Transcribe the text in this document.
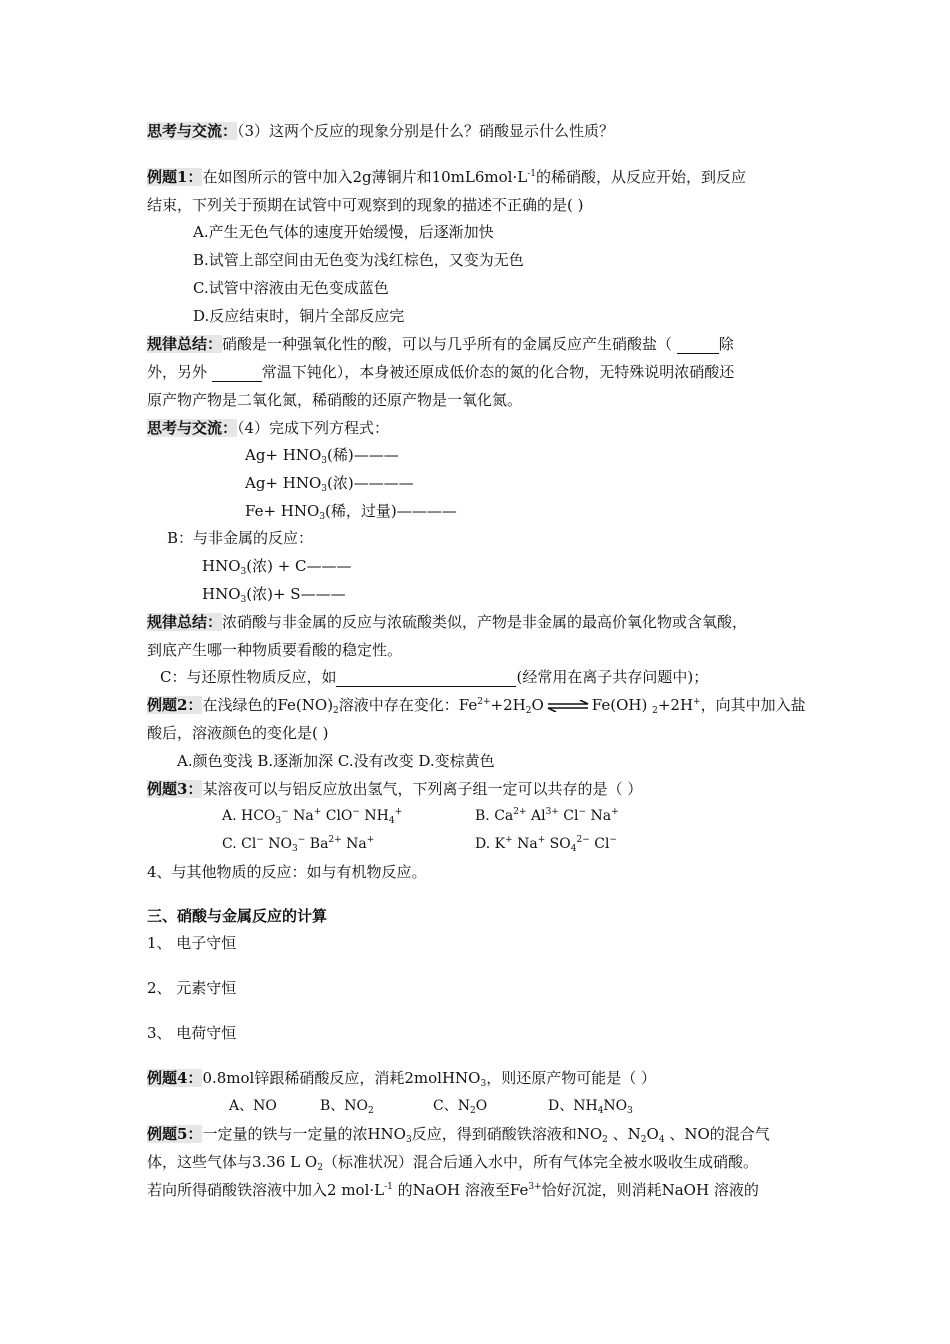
思考与交流：（3）这两个反应的现象分别是什么？硝酸显示什么性质？
例题1：在如图所示的管中加入2g薄铜片和$10mL6mol\cdot L^{-1}$的稀硝酸，从反应开始，到反应
结束，下列关于预期在试管中可观察到的现象的描述不正确的是( )
A.产生无色气体的速度开始缓慢，后逐渐加快
B.试管上部空间由无色变为浅红棕色，又变为无色
C.试管中溶液由无色变成蓝色
D.反应结束时，铜片全部反应完
规律总结：硝酸是一种强氧化性的酸，可以与几乎所有的金属反应产生硝酸盐（	除
外，另外	常温下钝化），本身被还原成低价态的氮的化合物，无特殊说明浓硝酸还
原产物产物是二氧化氮，稀硝酸的还原产物是一氧化氮。
思考与交流：（4）完成下列方程式：
$Ag+ HNO_3$(稀)———
$Ag+ HNO_3$(浓)————
$Fe+ HNO_3$(稀，过量)————
B：与非金属的反应：
$HNO_3$(浓) + C———
$HNO_3$(浓)+ S———
规律总结：浓硝酸与非金属的反应与浓硫酸类似，产物是非金属的最高价氧化物或含氧酸，
到底产生哪一种物质要看酸的稳定性。
C：与还原性物质反应，如	(经常用在离子共存问题中)；
例题2：在浅绿色的$Fe(NO)_2$溶液中存在变化：$Fe^{2+}+2H_2O$ ⇌ Fe(OH) $_2$+2H+，向其中加入盐
酸后，溶液颜色的变化是( )
A.颜色变浅 B.逐渐加深 C.没有改变 D.变棕黄色
例题3：某溶夜可以与铝反应放出氢气，下列离子组一定可以共存的是（ ）
A. $HCO_3^-$ Na+ ClO− $NH_4^+$	B. $Ca^{2+}$ $Al^{3+}$ Cl− Na+
C. Cl− $NO_3^-$ $Ba^{2+}$ Na+	D. K+ Na+ $SO_4^{2-}$ Cl−
4、与其他物质的反应：如与有机物反应。
三、硝酸与金属反应的计算
1、 电子守恒
2、 元素守恒
3、 电荷守恒
例题4：0.8mol锌跟稀硝酸反应，消耗2molHNO$_3$，则还原产物可能是（ ）
A、NO	B、$NO_2$	C、$N_2O$	D、$NH_4NO_3$
例题5：一定量的铁与一定量的浓$HNO_3$反应，得到硝酸铁溶液和$NO_2$ 、$N_2O_4$ 、NO的混合气
体，这些气体与3.36 L $O_2$（标准状况）混合后通入水中，所有气体完全被水吸收生成硝酸。
若向所得硝酸铁溶液中加入2 $mol\cdot L^{-1}$ 的NaOH 溶液至$Fe^{3+}$恰好沉淀，则消耗NaOH 溶液的
